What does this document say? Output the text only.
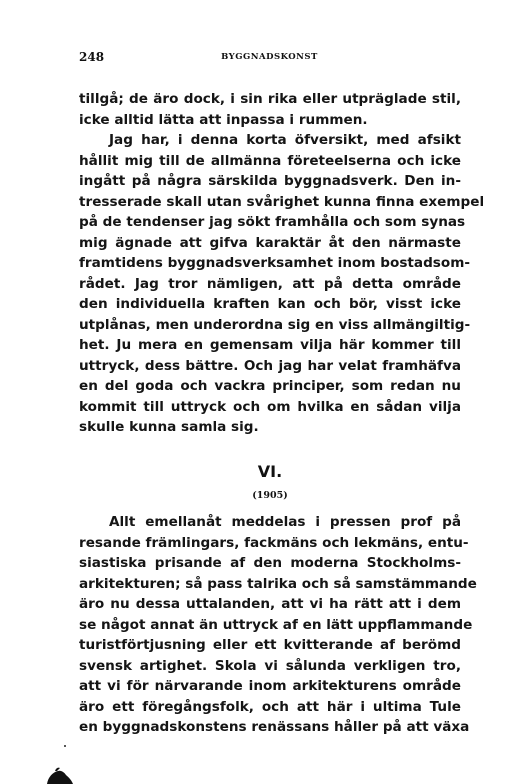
248	BYGGNADSKONST
tillgå; de äro dock, i sin rika eller utpräglade stil,
icke alltid lätta att inpassa i rummen.
Jag har, i denna korta öfversikt, med afsikt
hållit mig till de allmänna företeelserna och icke
ingått på några särskilda byggnadsverk. Den in-
tresserade skall utan svårighet kunna finna exempel
på de tendenser jag sökt framhålla och som synas
mig ägnade att gifva karaktär åt den närmaste
framtidens byggnadsverksamhet inom bostadsom-
rådet. Jag tror nämligen, att på detta område
den individuella kraften kan och bör, visst icke
utplånas, men underordna sig en viss allmängiltig-
het. Ju mera en gemensam vilja här kommer till
uttryck, dess bättre. Och jag har velat framhäfva
en del goda och vackra principer, som redan nu
kommit till uttryck och om hvilka en sådan vilja
skulle kunna samla sig.
VI.
(1905)
Allt emellanåt meddelas i pressen prof på
resande främlingars, fackmäns och lekmäns, entu-
siastiska prisande af den moderna Stockholms-
arkitekturen; så pass talrika och så samstämmande
äro nu dessa uttalanden, att vi ha rätt att i dem
se något annat än uttryck af en lätt uppflammande
turistförtjusning eller ett kvitterande af berömd
svensk artighet. Skola vi sålunda verkligen tro,
att vi för närvarande inom arkitekturens område
äro ett föregångsfolk, och att här i ultima Tule
en byggnadskonstens renässans håller på att växa
